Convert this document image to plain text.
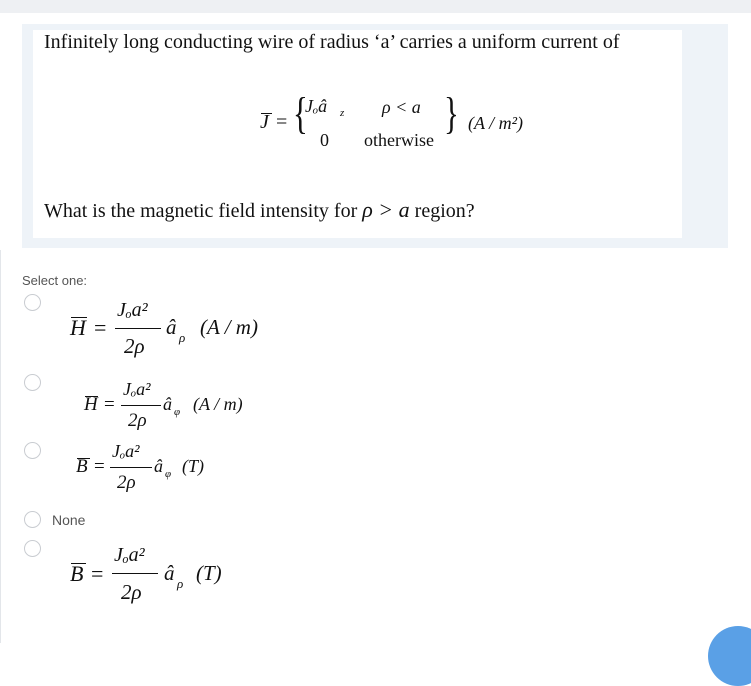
Infinitely long conducting wire of radius ‘a’ carries a uniform current of
J = {
Jₒâ z ρ < a
0 otherwise
} (A / m²)
What is the magnetic field intensity for ρ > a region?
Select one:
H =
Jₒa²
2ρ
â ρ (A / m)
H =
Jₒa²
2ρ
â φ (A / m)
B =
Jₒa²
2ρ
â φ (T)
None
B =
Jₒa²
2ρ
â ρ (T)
